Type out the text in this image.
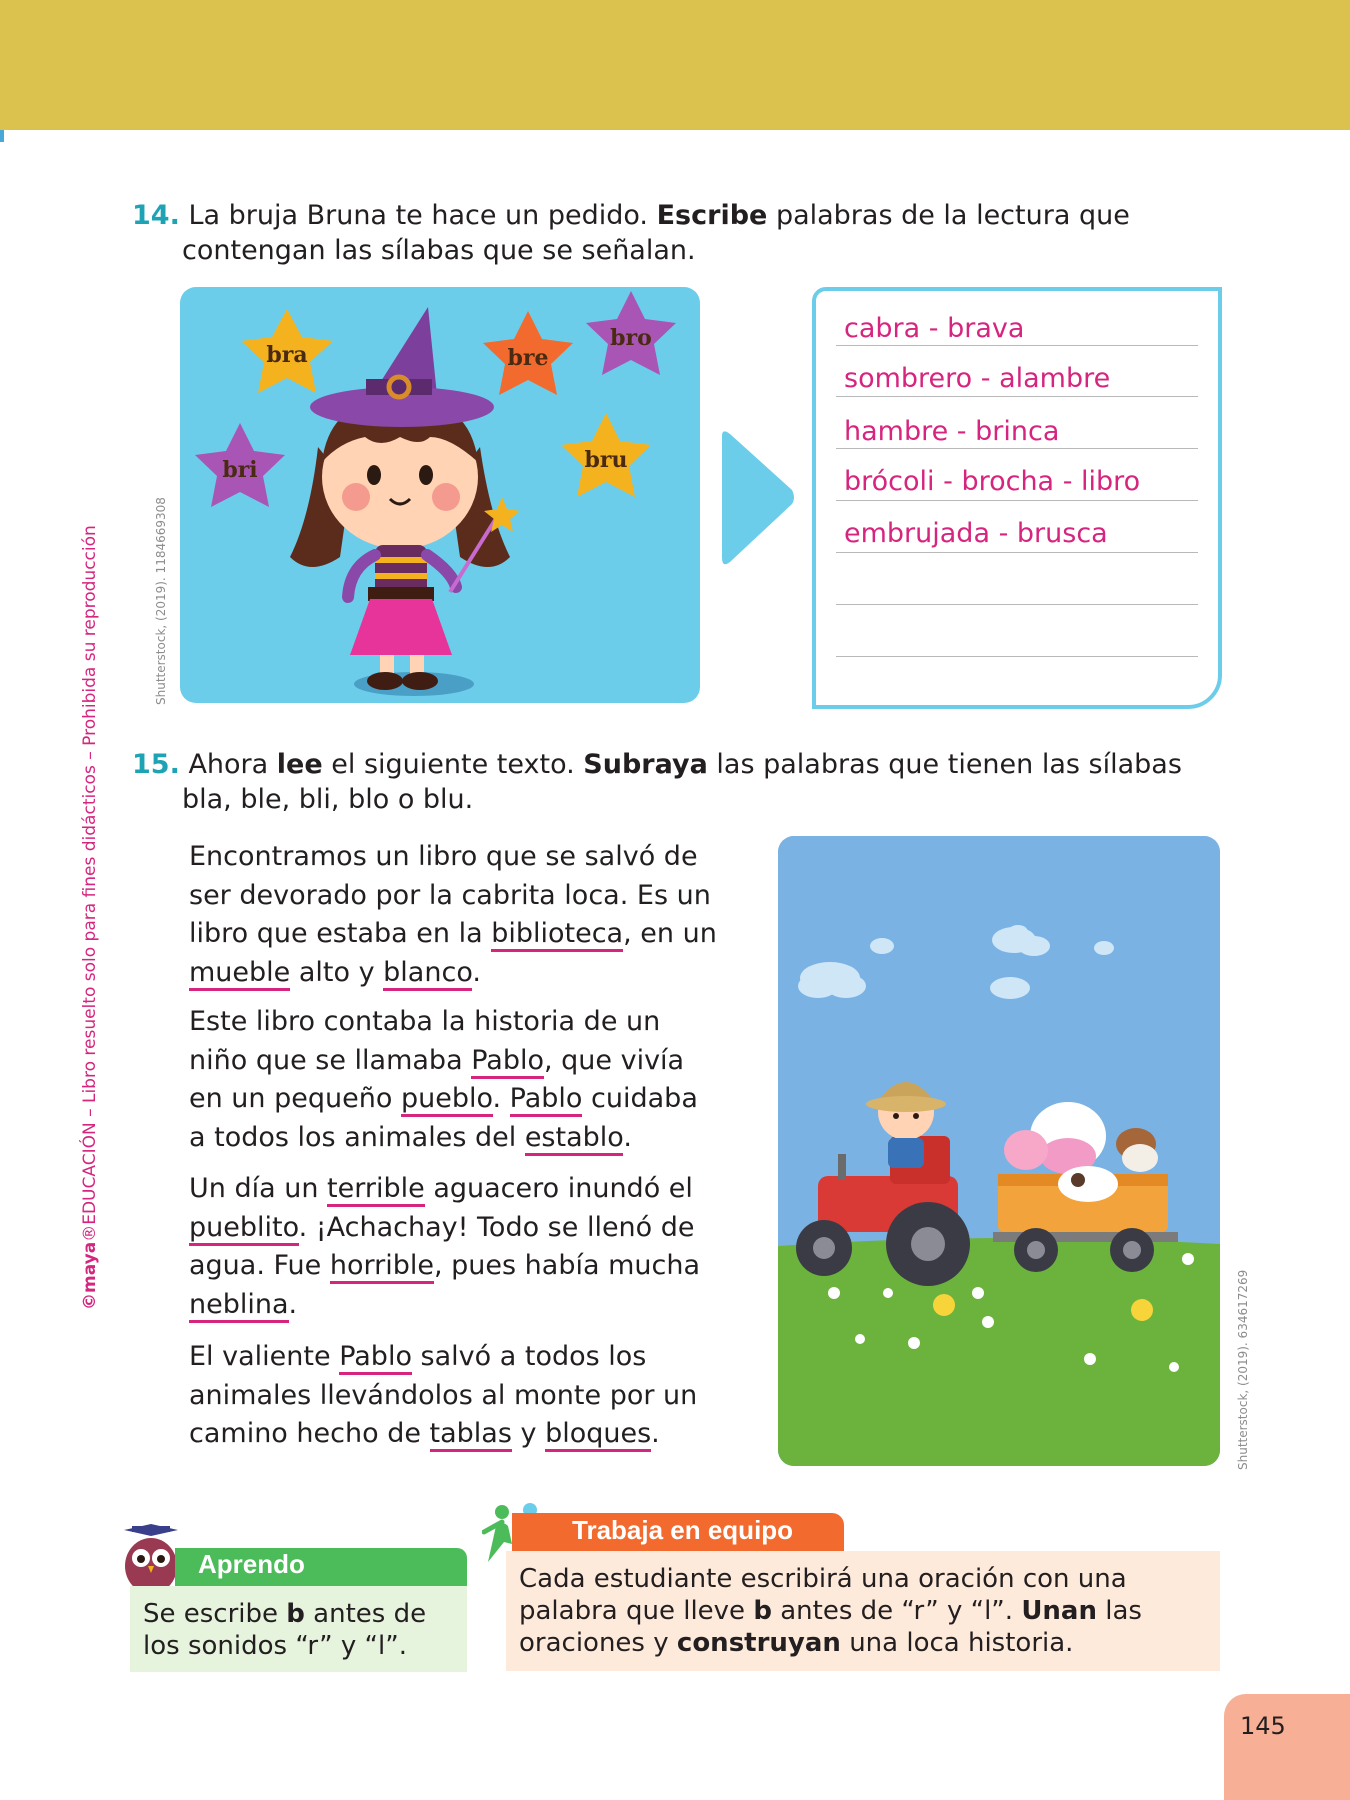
©maya®EDUCACIÓN – Libro resuelto solo para fines didácticos – Prohibida su reproducción
14. La bruja Bruna te hace un pedido. Escribe palabras de la lectura que
contengan las sílabas que se señalan.
bra	bre
bro
bri	bru
Shutterstock, (2019). 1184669308
cabra - brava
sombrero - alambre
hambre - brinca
brócoli - brocha - libro
embrujada - brusca
15. Ahora lee el siguiente texto. Subraya las palabras que tienen las sílabas
bla, ble, bli, blo o blu.

Encontramos un libro que se salvó de
ser devorado por la cabrita loca. Es un
libro que estaba en la biblioteca, en un
mueble alto y blanco.

Este libro contaba la historia de un
niño que se llamaba Pablo, que vivía
en un pequeño pueblo. Pablo cuidaba
a todos los animales del establo.

Un día un terrible aguacero inundó el
pueblito. ¡Achachay! Todo se llenó de
agua. Fue horrible, pues había mucha
neblina.

El valiente Pablo salvó a todos los
animales llevándolos al monte por un
camino hecho de tablas y bloques.	Shutterstock, (2019). 634617269
Aprendo
Se escribe b antes de
los sonidos “r” y “l”.
Trabaja en equipo
Cada estudiante escribirá una oración con una
palabra que lleve b antes de “r” y “l”. Unan las
oraciones y construyan una loca historia.
145
